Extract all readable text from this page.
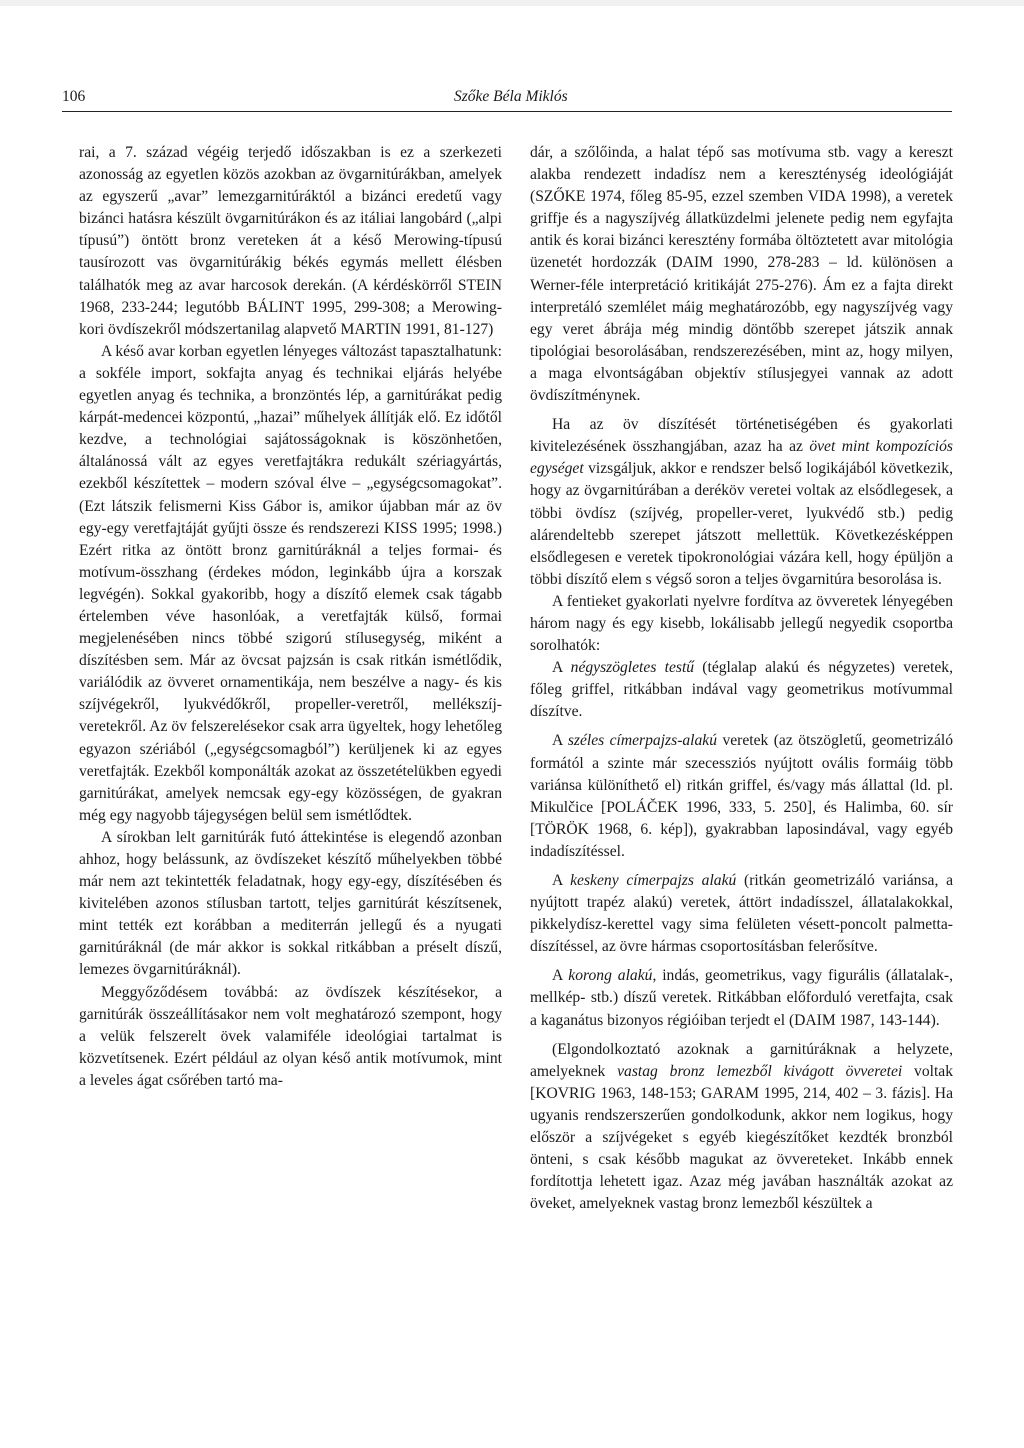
106	Szőke Béla Miklós

rai, a 7. század végéig terjedő időszakban is ez a szerkezeti azonosság az egyetlen közös azokban az övgarnitúrákban, amelyek az egyszerű „avar” lemezgarnitúráktól a bizánci eredetű vagy bizánci hatásra készült övgarnitúrákon és az itáliai langobárd („alpi típusú”) öntött bronz vereteken át a késő Merowing-típusú tausírozott vas övgarnitúrákig békés egymás mellett élésben találhatók meg az avar harcosok derekán. (A kérdéskörről STEIN 1968, 233-244; legutóbb BÁLINT 1995, 299-308; a Merowing-kori övdíszekről módszertanilag alapvető MARTIN 1991, 81-127)

A késő avar korban egyetlen lényeges változást tapasztalhatunk: a sokféle import, sokfajta anyag és technikai eljárás helyébe egyetlen anyag és technika, a bronzöntés lép, a garnitúrákat pedig kárpát-medencei központú, „hazai” műhelyek állítják elő. Ez időtől kezdve, a technológiai sajátosságoknak is köszönhetően, általánossá vált az egyes veretfajtákra redukált szériagyártás, ezekből készítettek – modern szóval élve – „egységcsomagokat”. (Ezt látszik felismerni Kiss Gábor is, amikor újabban már az öv egy-egy veretfajtáját gyűjti össze és rendszerezi KISS 1995; 1998.) Ezért ritka az öntött bronz garnitúráknál a teljes formai- és motívum-összhang (érdekes módon, leginkább újra a korszak legvégén). Sokkal gyakoribb, hogy a díszítő elemek csak tágabb értelemben véve hasonlóak, a veretfajták külső, formai megjelenésében nincs többé szigorú stílusegység, miként a díszítésben sem. Már az övcsat pajzsán is csak ritkán ismétlődik, variálódik az övveret ornamentikája, nem beszélve a nagy- és kis szíjvégekről, lyukvédőkről, propeller-veretről, mellékszíj-veretekről. Az öv felszerelésekor csak arra ügyeltek, hogy lehetőleg egyazon szériából („egységcsomagból”) kerüljenek ki az egyes veretfajták. Ezekből komponálták azokat az összetételükben egyedi garnitúrákat, amelyek nemcsak egy-egy közösségen, de gyakran még egy nagyobb tájegységen belül sem ismétlődtek.

A sírokban lelt garnitúrák futó áttekintése is elegendő azonban ahhoz, hogy belássunk, az övdíszeket készítő műhelyekben többé már nem azt tekintették feladatnak, hogy egy-egy, díszítésében és kivitelében azonos stílusban tartott, teljes garnitúrát készítsenek, mint tették ezt korábban a mediterrán jellegű és a nyugati garnitúráknál (de már akkor is sokkal ritkábban a préselt díszű, lemezes övgarnitúráknál).

Meggyőződésem továbbá: az övdíszek készítésekor, a garnitúrák összeállításakor nem volt meghatározó szempont, hogy a velük felszerelt övek valamiféle ideológiai tartalmat is közvetítsenek. Ezért például az olyan késő antik motívumok, mint a leveles ágat csőrében tartó ma-

dár, a szőlőinda, a halat tépő sas motívuma stb. vagy a kereszt alakba rendezett indadísz nem a kereszténység ideológiáját (SZŐKE 1974, főleg 85-95, ezzel szemben VIDA 1998), a veretek griffje és a nagyszíjvég állatküzdelmi jelenete pedig nem egyfajta antik és korai bizánci keresztény formába öltöztetett avar mitológia üzenetét hordozzák (DAIM 1990, 278-283 – ld. különösen a Werner-féle interpretáció kritikáját 275-276). Ám ez a fajta direkt interpretáló szemlélet máig meghatározóbb, egy nagyszíjvég vagy egy veret ábrája még mindig döntőbb szerepet játszik annak tipológiai besorolásában, rendszerezésében, mint az, hogy milyen, a maga elvontságában objektív stílusjegyei vannak az adott övdíszítménynek.

Ha az öv díszítését történetiségében és gyakorlati kivitelezésének összhangjában, azaz ha az övet mint kompozíciós egységet vizsgáljuk, akkor e rendszer belső logikájából következik, hogy az övgarnitúrában a deréköv veretei voltak az elsődlegesek, a többi övdísz (szíjvég, propeller-veret, lyukvédő stb.) pedig alárendeltebb szerepet játszott mellettük. Következésképpen elsődlegesen e veretek tipokronológiai vázára kell, hogy épüljön a többi díszítő elem s végső soron a teljes övgarnitúra besorolása is.

A fentieket gyakorlati nyelvre fordítva az övveretek lényegében három nagy és egy kisebb, lokálisabb jellegű negyedik csoportba sorolhatók:

A négyszögletes testű (téglalap alakú és négyzetes) veretek, főleg griffel, ritkábban indával vagy geometrikus motívummal díszítve.

A széles címerpajzs-alakú veretek (az ötszögletű, geometrizáló formától a szinte már szecessziós nyújtott ovális formáig több variánsa különíthető el) ritkán griffel, és/vagy más állattal (ld. pl. Mikulčice [POLÁČEK 1996, 333, 5. 250], és Halimba, 60. sír [TÖRÖK 1968, 6. kép]), gyakrabban laposindával, vagy egyéb indadíszítéssel.

A keskeny címerpajzs alakú (ritkán geometrizáló variánsa, a nyújtott trapéz alakú) veretek, áttört indadísszel, állatalakokkal, pikkelydísz-kerettel vagy sima felületen vésett-poncolt palmetta-díszítéssel, az övre hármas csoportosításban felerősítve.

A korong alakú, indás, geometrikus, vagy figurális (állatalak-, mellkép- stb.) díszű veretek. Ritkábban előforduló veretfajta, csak a kaganátus bizonyos régióiban terjedt el (DAIM 1987, 143-144).

(Elgondolkoztató azoknak a garnitúráknak a helyzete, amelyeknek vastag bronz lemezből kivágott övveretei voltak [KOVRIG 1963, 148-153; GARAM 1995, 214, 402 – 3. fázis]. Ha ugyanis rendszerszerűen gondolkodunk, akkor nem logikus, hogy először a szíjvégeket s egyéb kiegészítőket kezdték bronzból önteni, s csak később magukat az övvereteket. Inkább ennek fordítottja lehetett igaz. Azaz még javában használták azokat az öveket, amelyeknek vastag bronz lemezből készültek a
